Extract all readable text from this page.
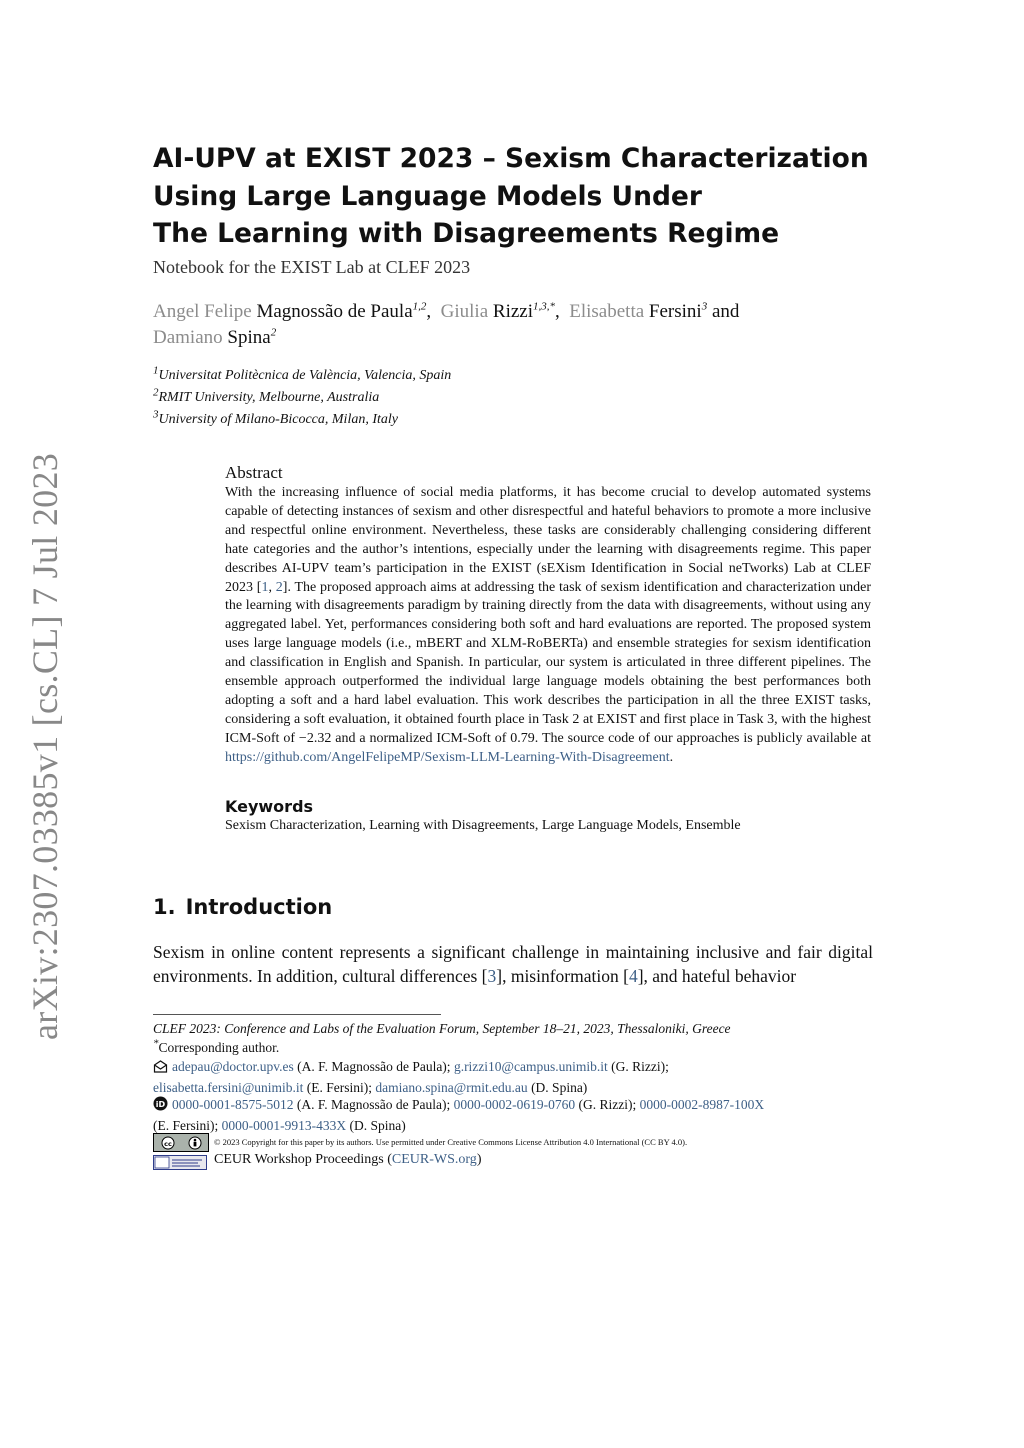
arXiv:2307.03385v1 [cs.CL] 7 Jul 2023
AI-UPV at EXIST 2023 – Sexism Characterization
Using Large Language Models Under
The Learning with Disagreements Regime
Notebook for the EXIST Lab at CLEF 2023
Angel Felipe Magnossão de Paula$^{1,2}$, Giulia Rizzi$^{1,3,*}$, Elisabetta Fersini$^3$ and
Damiano Spina$^2$
$^1$Universitat Politècnica de València, Valencia, Spain
$^2$RMIT University, Melbourne, Australia
$^3$University of Milano-Bicocca, Milan, Italy
Abstract

With the increasing influence of social media platforms, it has become crucial to develop automated systems capable of detecting instances of sexism and other disrespectful and hateful behaviors to promote a more inclusive and respectful online environment. Nevertheless, these tasks are considerably challenging considering different hate categories and the author’s intentions, especially under the learning with disagreements regime. This paper describes AI-UPV team’s participation in the EXIST (sEXism Identification in Social neTworks) Lab at CLEF 2023 [1, 2]. The proposed approach aims at addressing the task of sexism identification and characterization under the learning with disagreements paradigm by training directly from the data with disagreements, without using any aggregated label. Yet, performances considering both soft and hard evaluations are reported. The proposed system uses large language models (i.e., mBERT and XLM-RoBERTa) and ensemble strategies for sexism identification and classification in English and Spanish. In particular, our system is articulated in three different pipelines. The ensemble approach outperformed the individual large language models obtaining the best performances both adopting a soft and a hard label evaluation. This work describes the participation in all the three EXIST tasks, considering a soft evaluation, it obtained fourth place in Task 2 at EXIST and first place in Task 3, with the highest ICM-Soft of −2.32 and a normalized ICM-Soft of 0.79. The source code of our approaches is publicly available at https://github.com/AngelFelipeMP/Sexism-LLM-Learning-With-Disagreement.

Keywords
Sexism Characterization, Learning with Disagreements, Large Language Models, Ensemble
1. Introduction

Sexism in online content represents a significant challenge in maintaining inclusive and fair digital environments. In addition, cultural differences [3], misinformation [4], and hateful behavior

CLEF 2023: Conference and Labs of the Evaluation Forum, September 18–21, 2023, Thessaloniki, Greece
*Corresponding author.
adepau@doctor.upv.es (A. F. Magnossão de Paula); g.rizzi10@campus.unimib.it (G. Rizzi);
elisabetta.fersini@unimib.it (E. Fersini); damiano.spina@rmit.edu.au (D. Spina)
iD 0000-0001-8575-5012 (A. F. Magnossão de Paula); 0000-0002-0619-0760 (G. Rizzi); 0000-0002-8987-100X
(E. Fersini); 0000-0001-9913-433X (D. Spina)
cc	© 2023 Copyright for this paper by its authors. Use permitted under Creative Commons License Attribution 4.0 International (CC BY 4.0).
CEUR Workshop Proceedings (CEUR-WS.org)
